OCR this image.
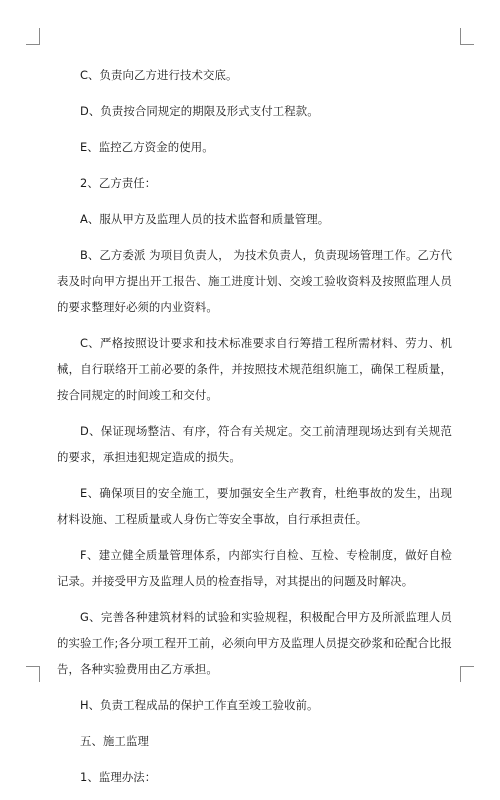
C、负责向乙方进行技术交底。

D、负责按合同规定的期限及形式支付工程款。

E、监控乙方资金的使用。

2、乙方责任：

A、服从甲方及监理人员的技术监督和质量管理。

B、乙方委派 为项目负责人， 为技术负责人，负责现场管理工作。乙方代表及时向甲方提出开工报告、施工进度计划、交竣工验收资料及按照监理人员的要求整理好必须的内业资料。

C、严格按照设计要求和技术标准要求自行筹措工程所需材料、劳力、机械，自行联络开工前必要的条件，并按照技术规范组织施工，确保工程质量，按合同规定的时间竣工和交付。

D、保证现场整洁、有序，符合有关规定。交工前清理现场达到有关规范的要求，承担违犯规定造成的损失。

E、确保项目的安全施工，要加强安全生产教育，杜绝事故的发生，出现材料设施、工程质量或人身伤亡等安全事故，自行承担责任。

F、建立健全质量管理体系，内部实行自检、互检、专检制度，做好自检记录。并接受甲方及监理人员的检查指导，对其提出的问题及时解决。

G、完善各种建筑材料的试验和实验规程，积极配合甲方及所派监理人员的实验工作;各分项工程开工前，必须向甲方及监理人员提交砂浆和砼配合比报告，各种实验费用由乙方承担。

H、负责工程成品的保护工作直至竣工验收前。

五、施工监理

1、监理办法：
